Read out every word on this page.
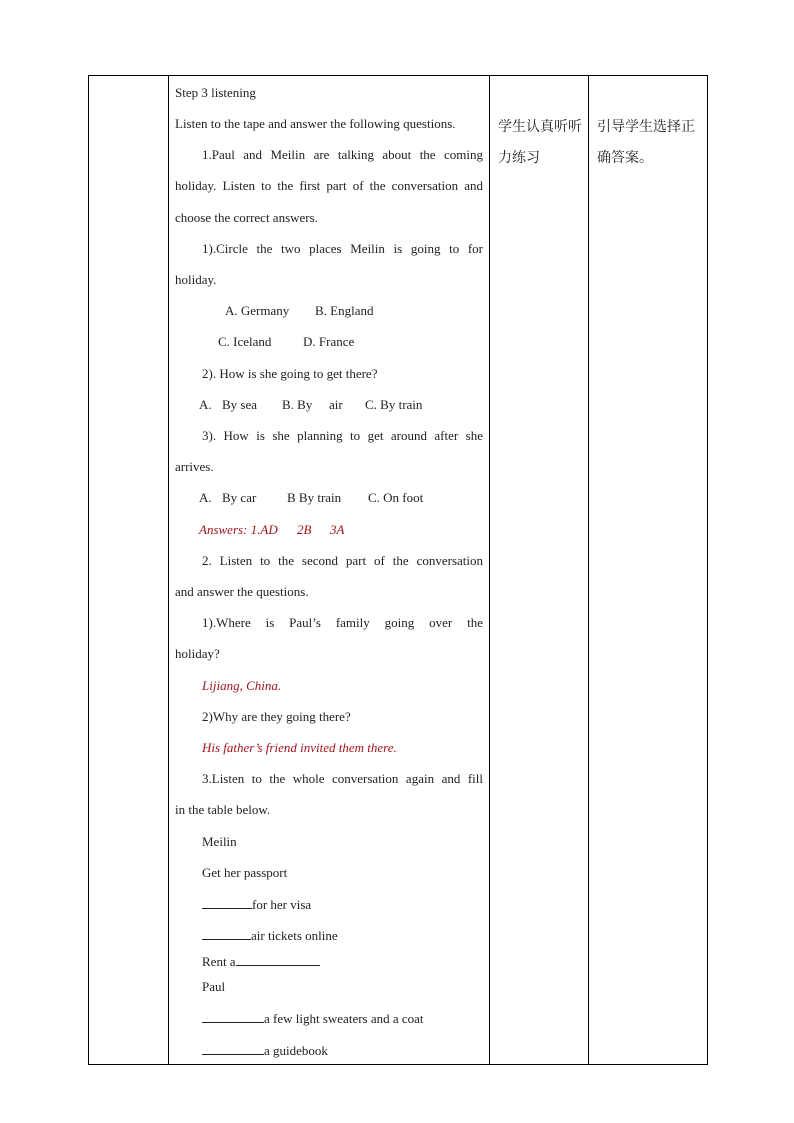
Step 3 listening
Listen to the tape and answer the following questions.
1.Paul and Meilin are talking about the coming
holiday. Listen to the first part of the conversation and
choose the correct answers.
1).Circle the two places Meilin is going to for
holiday.
A. Germany	B. England
C. Iceland	D. France
2). How is she going to get there?
A. By sea	B. By	air	C. By train
3). How is she planning to get around after she
arrives.
A. By car	B By train	C. On foot
Answers: 1.AD	2B	3A
2. Listen to the second part of the conversation
and answer the questions.
1).Where is Paul’s family going over the
holiday?
Lijiang, China.
2)Why are they going there?
His father’s friend invited them there.
3.Listen to the whole conversation again and fill
in the table below.
Meilin
Get her passport
for her visa
air tickets online
Rent a
Paul
a few light sweaters and a coat
a guidebook

学生认真听听力练习

引导学生选择正确答案。
